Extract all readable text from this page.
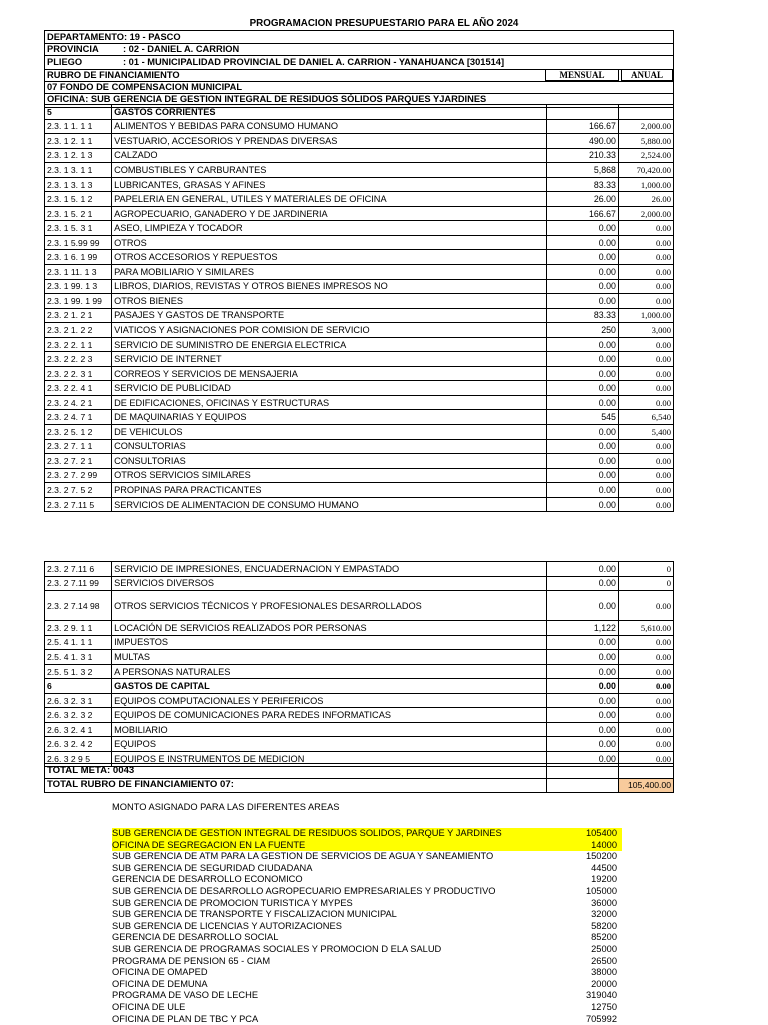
PROGRAMACION PRESUPUESTARIO PARA EL AÑO 2024
DEPARTAMENTO: 19 - PASCO
PROVINCIA	: 02 - DANIEL A. CARRION
PLIEGO	: 01 - MUNICIPALIDAD PROVINCIAL DE DANIEL A. CARRION - YANAHUANCA [301514]
RUBRO DE FINANCIAMIENTO	MENSUAL	ANUAL
07 FONDO DE COMPENSACION MUNICIPAL
OFICINA: SUB GERENCIA DE GESTION INTEGRAL DE RESIDUOS SÓLIDOS PARQUES YJARDINES
5	GASTOS CORRIENTES		
2.3. 1 1. 1 1	ALIMENTOS Y BEBIDAS PARA CONSUMO HUMANO	166.67	2,000.00
2.3. 1 2. 1 1	VESTUARIO, ACCESORIOS Y PRENDAS DIVERSAS	490.00	5,880.00
2.3. 1 2. 1 3	CALZADO	210.33	2,524.00
2.3. 1 3. 1 1	COMBUSTIBLES Y CARBURANTES	5,868	70,420.00
2.3. 1 3. 1 3	LUBRICANTES, GRASAS Y AFINES	83.33	1,000.00
2.3. 1 5. 1 2	PAPELERIA EN GENERAL, UTILES Y MATERIALES DE OFICINA	26.00	26.00
2.3. 1 5. 2 1	AGROPECUARIO, GANADERO Y DE JARDINERIA	166.67	2,000.00
2.3. 1 5. 3 1	ASEO, LIMPIEZA Y TOCADOR	0.00	0.00
2.3. 1 5.99 99	OTROS	0.00	0.00
2.3. 1 6. 1 99	OTROS ACCESORIOS Y REPUESTOS	0.00	0.00
2.3. 1 11. 1 3	PARA MOBILIARIO Y SIMILARES	0.00	0.00
2.3. 1 99. 1 3	LIBROS, DIARIOS, REVISTAS Y OTROS BIENES IMPRESOS NO	0.00	0.00
2.3. 1 99. 1 99	OTROS BIENES	0.00	0.00
2.3. 2 1. 2 1	PASAJES Y GASTOS DE TRANSPORTE	83.33	1,000.00
2.3. 2 1. 2 2	VIATICOS Y ASIGNACIONES POR COMISION DE SERVICIO	250	3,000
2.3. 2 2. 1 1	SERVICIO DE SUMINISTRO DE ENERGIA ELECTRICA	0.00	0.00
2.3. 2 2. 2 3	SERVICIO DE INTERNET	0.00	0.00
2.3. 2 2. 3 1	CORREOS Y SERVICIOS DE MENSAJERIA	0.00	0.00
2.3. 2 2. 4 1	SERVICIO DE PUBLICIDAD	0.00	0.00
2.3. 2 4. 2 1	DE EDIFICACIONES, OFICINAS Y ESTRUCTURAS	0.00	0.00
2.3. 2 4. 7 1	DE MAQUINARIAS Y EQUIPOS	545	6,540
2.3. 2 5. 1 2	DE VEHICULOS	0.00	5,400
2.3. 2 7. 1 1	CONSULTORIAS	0.00	0.00
2.3. 2 7. 2 1	CONSULTORIAS	0.00	0.00
2.3. 2 7. 2 99	OTROS SERVICIOS SIMILARES	0.00	0.00
2.3. 2 7. 5 2	PROPINAS PARA PRACTICANTES	0.00	0.00
2.3. 2 7.11 5	SERVICIOS DE ALIMENTACION DE CONSUMO HUMANO	0.00	0.00
2.3. 2 7.11 6	SERVICIO DE IMPRESIONES, ENCUADERNACION Y EMPASTADO	0.00	0
2.3. 2 7.11 99	SERVICIOS DIVERSOS	0.00	0
2.3. 2 7.14 98	OTROS SERVICIOS TÉCNICOS Y PROFESIONALES DESARROLLADOS	0.00	0.00
2.3. 2 9. 1 1	LOCACIÓN DE SERVICIOS REALIZADOS POR PERSONAS	1,122	5,610.00
2.5. 4 1. 1 1	IMPUESTOS	0.00	0.00
2.5. 4 1. 3 1	MULTAS	0.00	0.00
2.5. 5 1. 3 2	A PERSONAS NATURALES	0.00	0.00
6	GASTOS DE CAPITAL	0.00	0.00
2.6. 3 2. 3 1	EQUIPOS COMPUTACIONALES Y PERIFERICOS	0.00	0.00
2.6. 3 2. 3 2	EQUIPOS DE COMUNICACIONES PARA REDES INFORMATICAS	0.00	0.00
2.6. 3 2. 4 1	MOBILIARIO	0.00	0.00
2.6. 3 2. 4 2	EQUIPOS	0.00	0.00
2.6. 3 2 9 5	EQUIPOS E INSTRUMENTOS DE MEDICION	0.00	0.00
TOTAL META: 0043		
TOTAL RUBRO DE FINANCIAMIENTO 07:		105,400.00
MONTO ASIGNADO PARA LAS DIFERENTES AREAS
SUB GERENCIA DE GESTION INTEGRAL DE RESIDUOS SOLIDOS, PARQUE Y JARDINES	105400
OFICINA DE SEGREGACION EN LA FUENTE	14000
SUB GERENCIA DE ATM PARA LA GESTION DE SERVICIOS DE AGUA Y SANEAMIENTO	150200
SUB GERENCIA DE SEGURIDAD CIUDADANA	44500
GERENCIA DE DESARROLLO ECONOMICO	19200
SUB GERENCIA DE DESARROLLO AGROPECUARIO EMPRESARIALES Y PRODUCTIVO	105000
SUB GERENCIA DE PROMOCION TURISTICA Y MYPES	36000
SUB GERENCIA DE TRANSPORTE Y FISCALIZACION MUNICIPAL	32000
SUB GERENCIA DE LICENCIAS Y AUTORIZACIONES	58200
GERENCIA DE DESARROLLO SOCIAL	85200
SUB GERENCIA DE PROGRAMAS SOCIALES Y PROMOCION D ELA SALUD	25000
PROGRAMA DE PENSION 65 - CIAM	26500
OFICINA DE OMAPED	38000
OFICINA DE DEMUNA	20000
PROGRAMA DE VASO DE LECHE	319040
OFICINA DE ULE	12750
OFICINA DE PLAN DE TBC Y PCA	705992
